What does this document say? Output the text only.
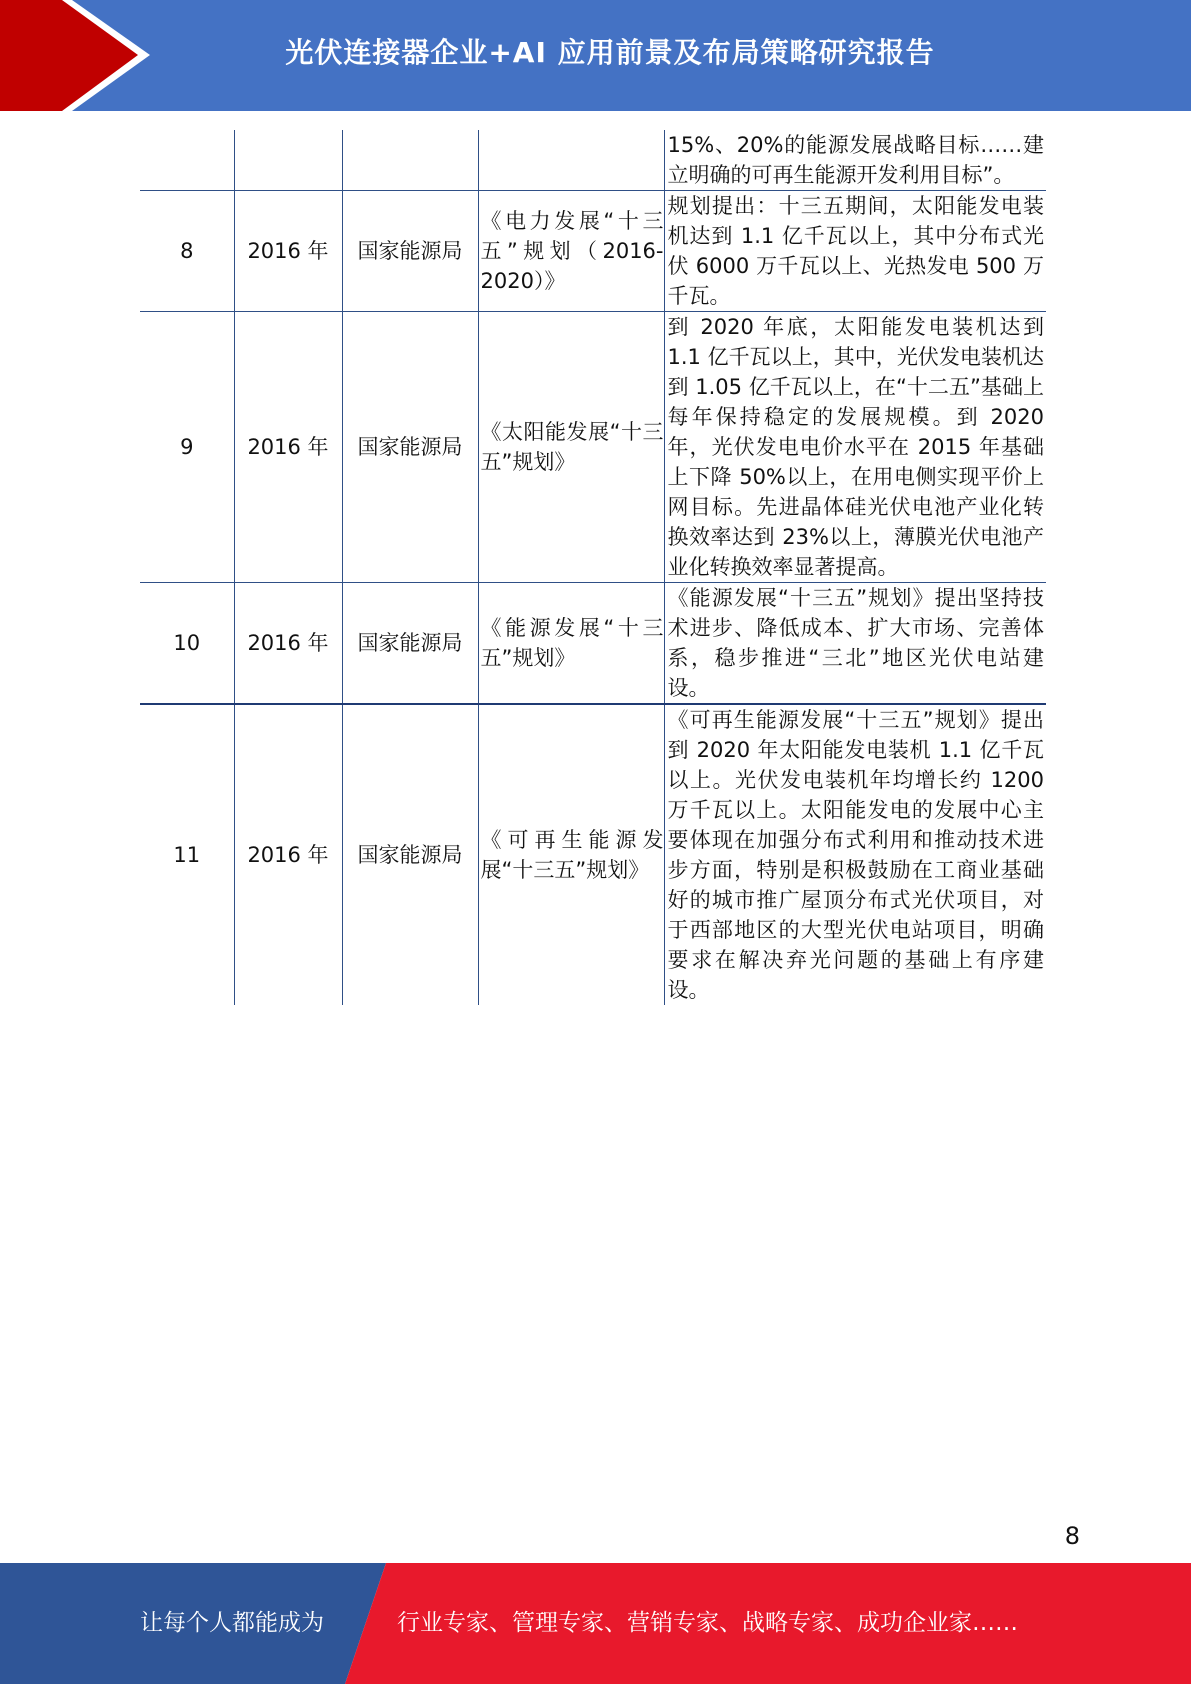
光伏连接器企业+AI 应用前景及布局策略研究报告
				15%、20%的能源发展战略目标……建立明确的可再生能源开发利用目标”。
8	2016 年	国家能源局	《电力发展“十三五”规划（2016-2020）》	规划提出：十三五期间，太阳能发电装机达到 1.1 亿千瓦以上，其中分布式光伏 6000 万千瓦以上、光热发电 500 万千瓦。
9	2016 年	国家能源局	《太阳能发展“十三五”规划》	到 2020 年底，太阳能发电装机达到 1.1 亿千瓦以上，其中，光伏发电装机达到 1.05 亿千瓦以上，在“十二五”基础上每年保持稳定的发展规模。到 2020 年，光伏发电电价水平在 2015 年基础上下降 50%以上，在用电侧实现平价上网目标。先进晶体硅光伏电池产业化转换效率达到 23%以上，薄膜光伏电池产业化转换效率显著提高。
10	2016 年	国家能源局	《能源发展“十三五”规划》	《能源发展“十三五”规划》提出坚持技术进步、降低成本、扩大市场、完善体系，稳步推进“三北”地区光伏电站建设。
11	2016 年	国家能源局	《可再生能源发展“十三五”规划》	《可再生能源发展“十三五”规划》提出到 2020 年太阳能发电装机 1.1 亿千瓦以上。光伏发电装机年均增长约 1200 万千瓦以上。太阳能发电的发展中心主要体现在加强分布式利用和推动技术进步方面，特别是积极鼓励在工商业基础好的城市推广屋顶分布式光伏项目，对于西部地区的大型光伏电站项目，明确要求在解决弃光问题的基础上有序建设。
8
让每个人都能成为	行业专家、管理专家、营销专家、战略专家、成功企业家……
